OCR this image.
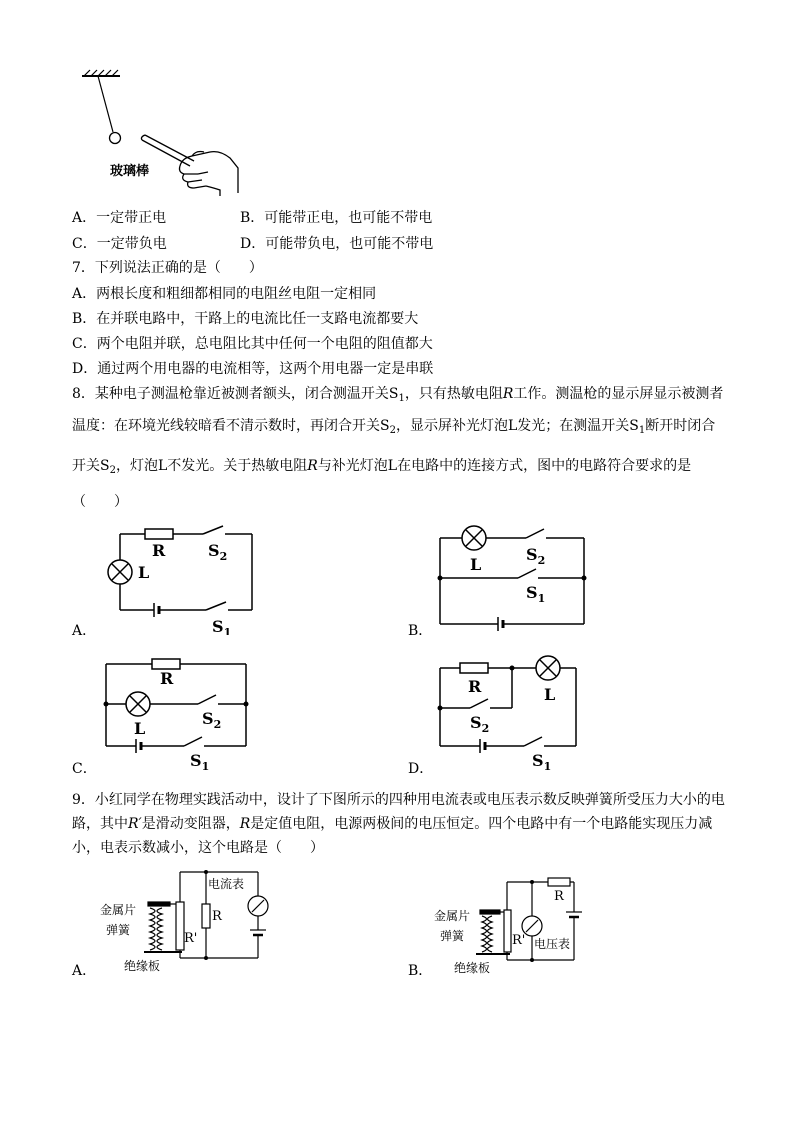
玻璃棒
A．一定带正电	B．可能带正电，也可能不带电
C．一定带负电	D．可能带负电，也可能不带电
7．下列说法正确的是（　　）
A．两根长度和粗细都相同的电阻丝电阻一定相同
B．在并联电路中，干路上的电流比任一支路电流都要大
C．两个电阻并联，总电阻比其中任何一个电阻的阻值都大
D．通过两个用电器的电流相等，这两个用电器一定是串联
8．某种电子测温枪靠近被测者额头，闭合测温开关$S_1$，只有热敏电阻R工作。测温枪的显示屏显示被测者
温度：在环境光线较暗看不清示数时，再闭合开关$S_2$，显示屏补光灯泡L发光；在测温开关$S_1$断开时闭合
开关$S_2$，灯泡L不发光。关于热敏电阻R与补光灯泡L在电路中的连接方式，图中的电路符合要求的是
（　　）
R
L
$S_2$
$S_1$
A．
L
$S_2$
$S_1$
B．
R
L
$S_2$
$S_1$
C．
R	L
$S_2$
$S_1$
D．
9．小红同学在物理实践活动中，设计了下图所示的四种用电流表或电压表示数反映弹簧所受压力大小的电
路，其中R′是滑动变阻器，R是定值电阻，电源两极间的电压恒定。四个电路中有一个电路能实现压力减
小，电表示数减小，这个电路是（　　）
金属片
弹簧
绝缘板
电流表
R
R'
A．
金属片
弹簧
绝缘板
电压表
R
R'
B．
